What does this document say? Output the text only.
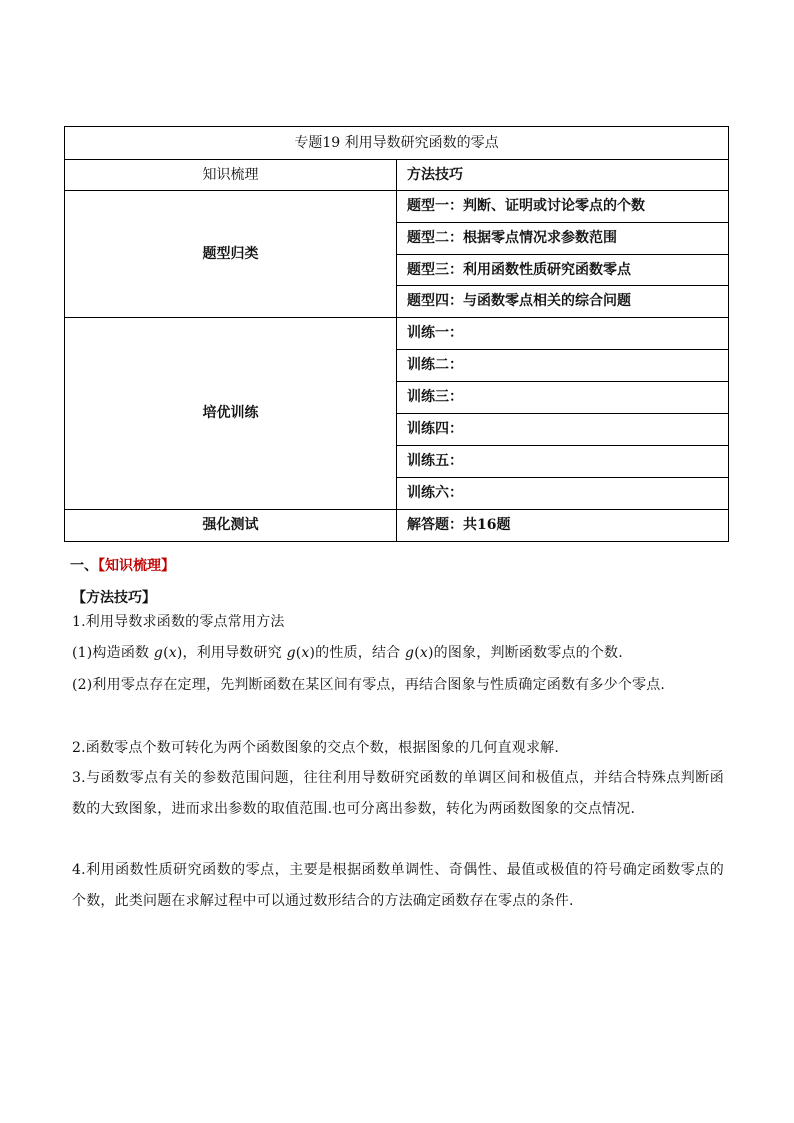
专题19 利用导数研究函数的零点	
知识梳理	方法技巧
题型归类	题型一：判断、证明或讨论零点的个数
	题型二：根据零点情况求参数范围
	题型三：利用函数性质研究函数零点
	题型四：与函数零点相关的综合问题
培优训练	训练一：
	训练二：
	训练三：
	训练四：
	训练五：
	训练六：
强化测试	解答题：共16题
一、【知识梳理】
【方法技巧】
1.利用导数求函数的零点常用方法
(1)构造函数 g(x)，利用导数研究 g(x)的性质，结合 g(x)的图象，判断函数零点的个数.
(2)利用零点存在定理，先判断函数在某区间有零点，再结合图象与性质确定函数有多少个零点.
2.函数零点个数可转化为两个函数图象的交点个数，根据图象的几何直观求解.
3.与函数零点有关的参数范围问题，往往利用导数研究函数的单调区间和极值点，并结合特殊点判断函数的大致图象，进而求出参数的取值范围.也可分离出参数，转化为两函数图象的交点情况.
4.利用函数性质研究函数的零点，主要是根据函数单调性、奇偶性、最值或极值的符号确定函数零点的个数，此类问题在求解过程中可以通过数形结合的方法确定函数存在零点的条件.
